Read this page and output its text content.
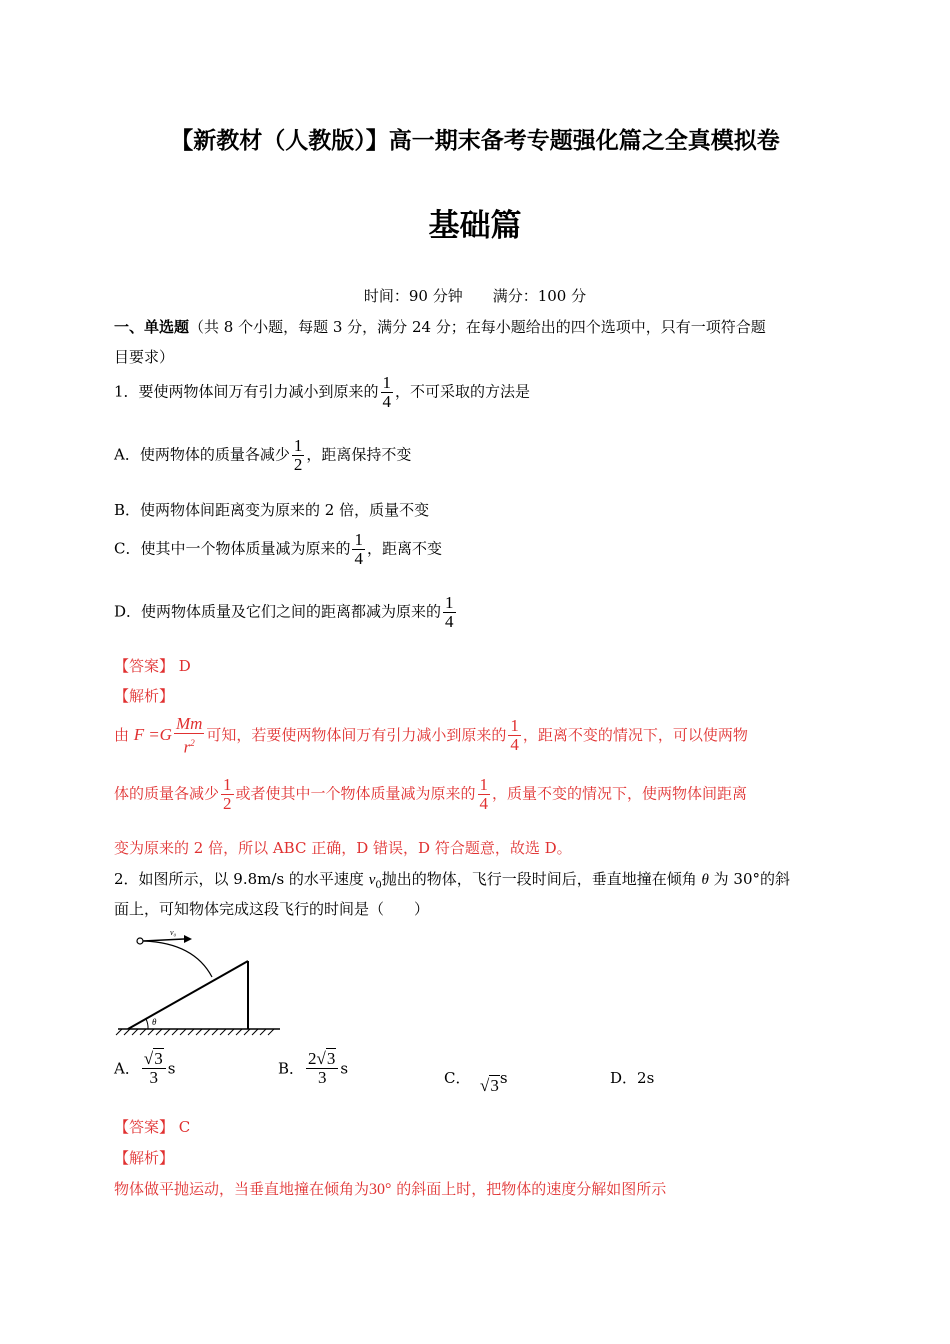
【新教材（人教版）】高一期末备考专题强化篇之全真模拟卷
基础篇
时间：90 分钟　　满分：100 分
一、单选题（共 8 个小题，每题 3 分，满分 24 分；在每小题给出的四个选项中，只有一项符合题
目要求）
1．要使两物体间万有引力减小到原来的 $\frac{1}{4}$ ，不可采取的方法是
A．使两物体的质量各减少 $\frac{1}{2}$ ，距离保持不变
B．使两物体间距离变为原来的 2 倍，质量不变
C．使其中一个物体质量减为原来的 $\frac{1}{4}$ ，距离不变
D．使两物体质量及它们之间的距离都减为原来的 $\frac{1}{4}$
【答案】 D
【解析】
由 $F =G \frac{Mm}{r^2}$ 可知，若要使两物体间万有引力减小到原来的 $\frac{1}{4}$ ，距离不变的情况下，可以使两物
体的质量各减少 $\frac{1}{2}$ 或者使其中一个物体质量减为原来的 $\frac{1}{4}$ ，质量不变的情况下，使两物体间距离
变为原来的 2 倍，所以 ABC 正确，D 错误，D 符合题意，故选 D。
2．如图所示，以 9.8m/s 的水平速度 $v_0$抛出的物体，飞行一段时间后，垂直地撞在倾角 θ 为 30°的斜
面上，可知物体完成这段飞行的时间是（　　）
v₀
θ
A． $\frac{√3}{3}$ s	B． $\frac{2√3}{3}$ s
C． √3s	D．2s
【答案】 C
【解析】
物体做平抛运动，当垂直地撞在倾角为30° 的斜面上时，把物体的速度分解如图所示
